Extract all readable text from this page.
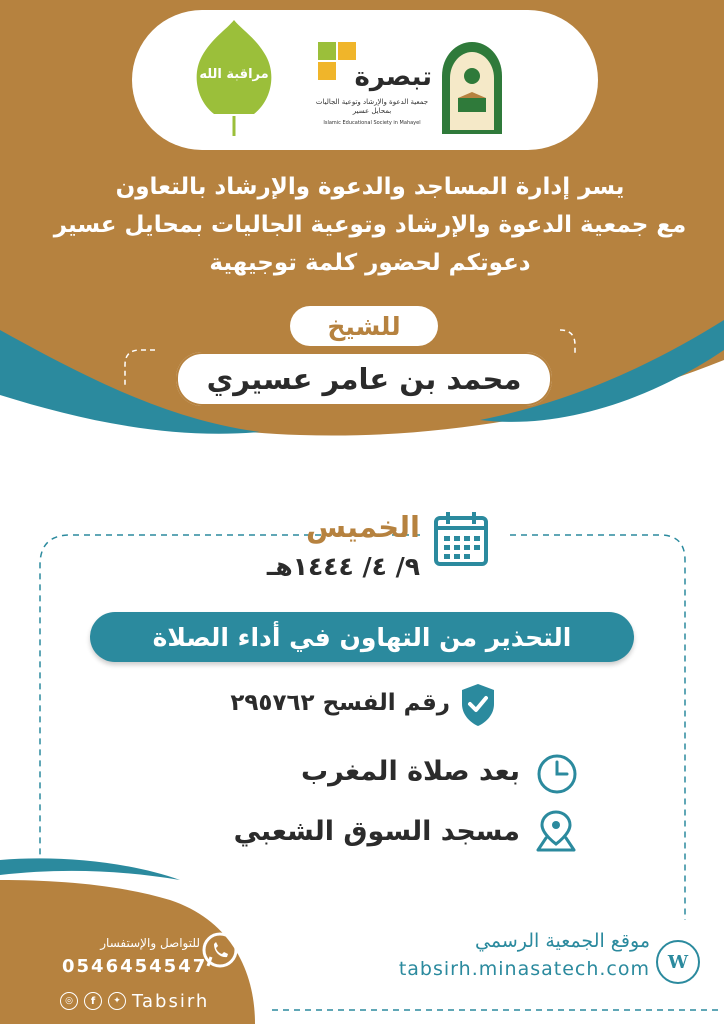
مراقبة الله	تبصرة
جمعية الدعوة والإرشاد وتوعية الجاليات بمحايل عسير
Islamic Educational Society in Mahayel
يسر إدارة المساجد والدعوة والإرشاد بالتعاون
مع جمعية الدعوة والإرشاد وتوعية الجاليات بمحايل عسير
دعوتكم لحضور كلمة توجيهية
للشيخ
محمد بن عامر عسيري
الخميس
٩/ ٤/ ١٤٤٤هـ
التحذير من التهاون في أداء الصلاة
رقم الفسح ٢٩٥٧٦٢
بعد صلاة المغرب
مسجد السوق الشعبي
للتواصل والإستفسار
0546454547
◎	f	✦ Tabsirh
موقع الجمعية الرسمي
tabsirh.minasatech.com W
